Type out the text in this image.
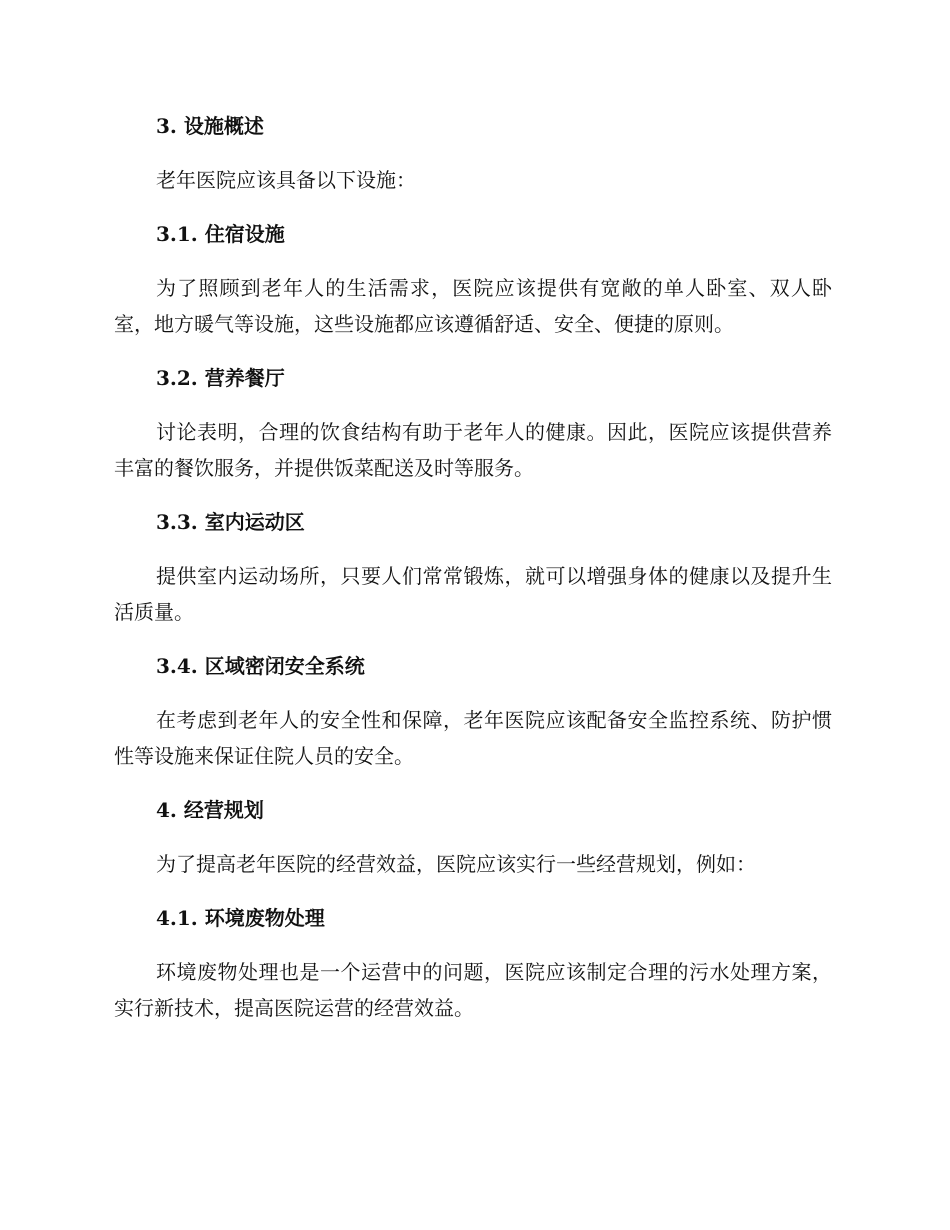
3. 设施概述

老年医院应该具备以下设施：

3.1. 住宿设施

为了照顾到老年人的生活需求，医院应该提供有宽敞的单人卧室、双人卧室，地方暖气等设施，这些设施都应该遵循舒适、安全、便捷的原则。

3.2. 营养餐厅

讨论表明，合理的饮食结构有助于老年人的健康。因此，医院应该提供营养丰富的餐饮服务，并提供饭菜配送及时等服务。

3.3. 室内运动区

提供室内运动场所，只要人们常常锻炼，就可以增强身体的健康以及提升生活质量。

3.4. 区域密闭安全系统

在考虑到老年人的安全性和保障，老年医院应该配备安全监控系统、防护惯性等设施来保证住院人员的安全。

4. 经营规划

为了提高老年医院的经营效益，医院应该实行一些经营规划，例如：

4.1. 环境废物处理

环境废物处理也是一个运营中的问题，医院应该制定合理的污水处理方案，实行新技术，提高医院运营的经营效益。
